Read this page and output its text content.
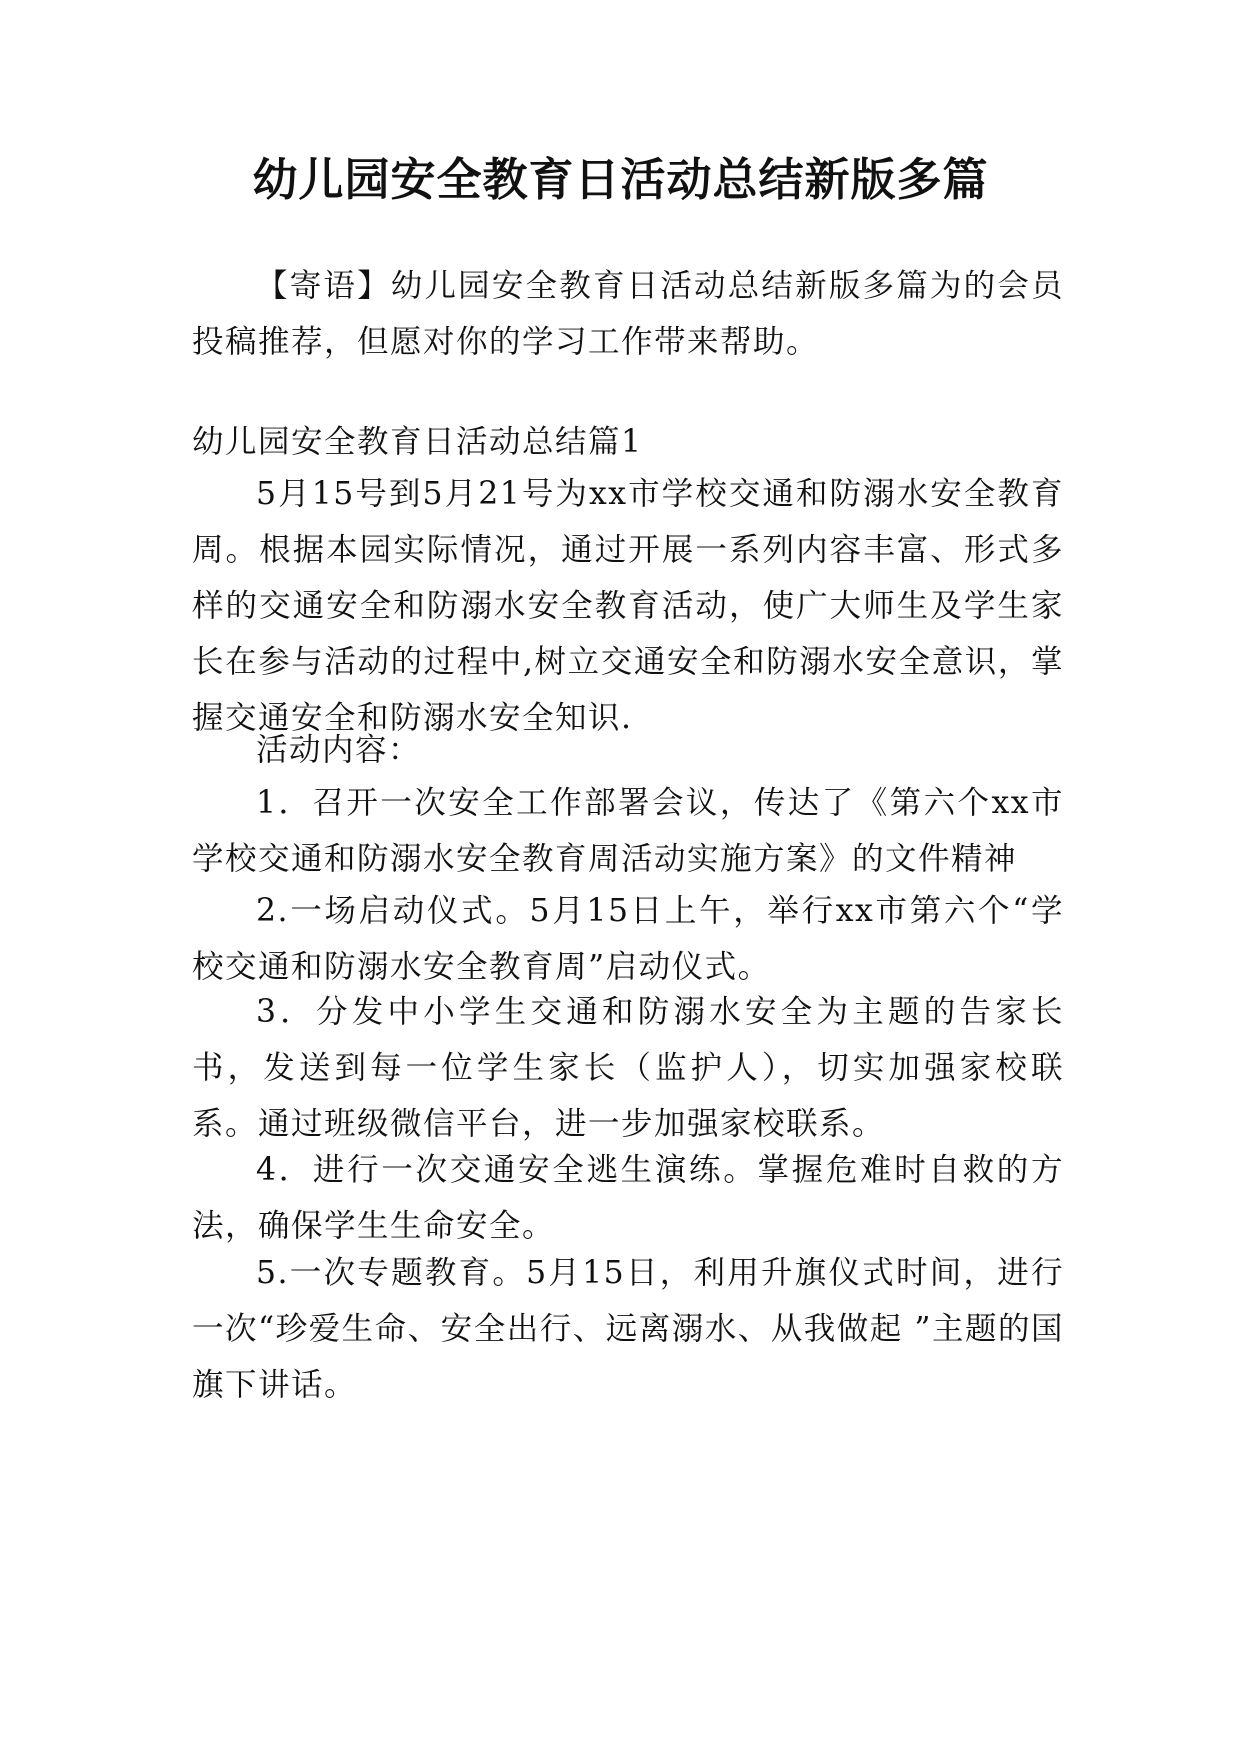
幼儿园安全教育日活动总结新版多篇

【寄语】幼儿园安全教育日活动总结新版多篇为的会员投稿推荐，但愿对你的学习工作带来帮助。

幼儿园安全教育日活动总结篇1

5月15号到5月21号为xx市学校交通和防溺水安全教育周。根据本园实际情况，通过开展一系列内容丰富、形式多样的交通安全和防溺水安全教育活动，使广大师生及学生家长在参与活动的过程中,树立交通安全和防溺水安全意识，掌握交通安全和防溺水安全知识.

活动内容：

1．召开一次安全工作部署会议，传达了《第六个xx市学校交通和防溺水安全教育周活动实施方案》的文件精神

2.一场启动仪式。5月15日上午，举行xx市第六个“学校交通和防溺水安全教育周”启动仪式。

3．分发中小学生交通和防溺水安全为主题的告家长书，发送到每一位学生家长（监护人），切实加强家校联系。通过班级微信平台，进一步加强家校联系。

4．进行一次交通安全逃生演练。掌握危难时自救的方法，确保学生生命安全。

5.一次专题教育。5月15日，利用升旗仪式时间，进行一次“珍爱生命、安全出行、远离溺水、从我做起 ”主题的国旗下讲话。
